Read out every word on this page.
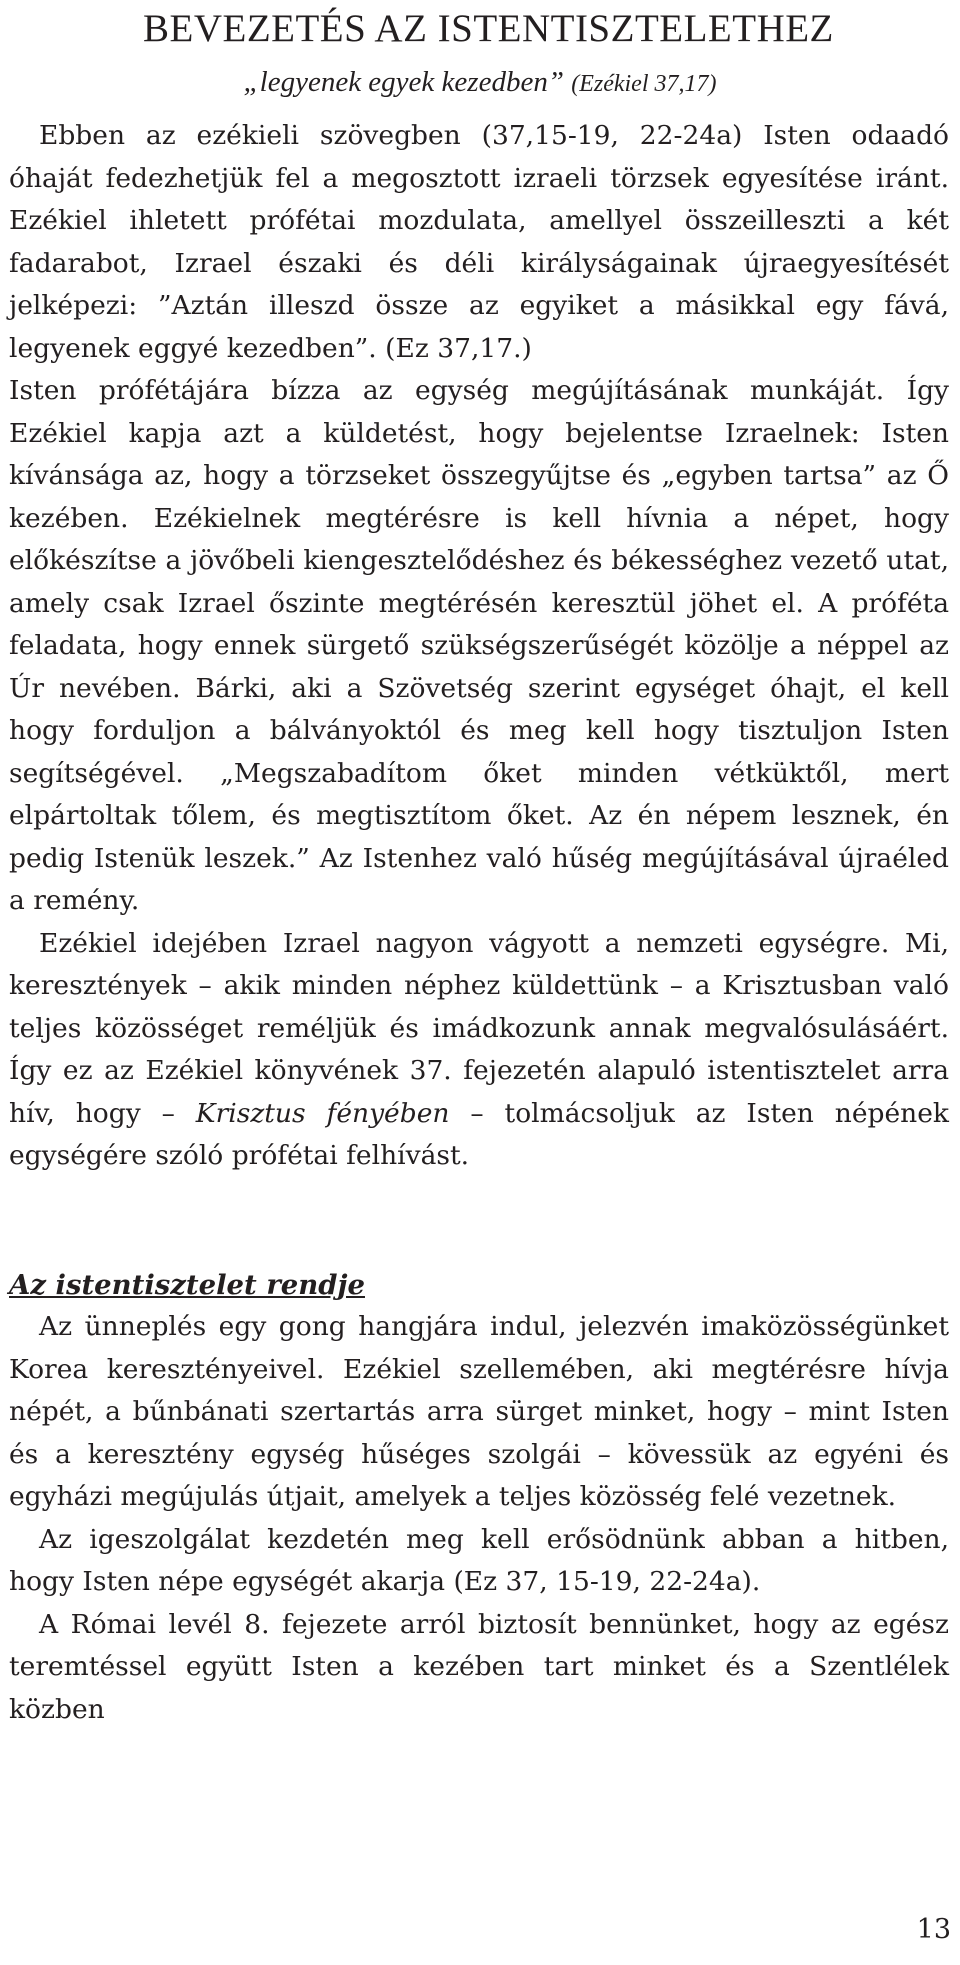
BEVEZETÉS AZ ISTENTISZTELETHEZ
„legyenek egyek kezedben” (Ezékiel 37,17)

Ebben az ezékieli szövegben (37,15-19, 22-24a) Isten odaadó óhaját fedezhetjük fel a megosztott izraeli törzsek egyesítése iránt. Ezékiel ihletett prófétai mozdulata, amellyel összeilleszti a két fadarabot, Izrael északi és déli királyságainak újraegyesítését jelképezi: ”Aztán illeszd össze az egyiket a másikkal egy fává, legyenek eggyé kezedben”. (Ez 37,17.)

Isten prófétájára bízza az egység megújításának munkáját. Így Ezékiel kapja azt a küldetést, hogy bejelentse Izraelnek: Isten kívánsága az, hogy a törzseket összegyűjtse és „egyben tartsa” az Ő kezében. Ezékielnek megtérésre is kell hívnia a népet, hogy előkészítse a jövőbeli kiengesztelődéshez és békességhez vezető utat, amely csak Izrael őszinte megtérésén keresztül jöhet el. A próféta feladata, hogy ennek sürgető szükségszerűségét közölje a néppel az Úr nevében. Bárki, aki a Szövetség szerint egységet óhajt, el kell hogy forduljon a bálványoktól és meg kell hogy tisztuljon Isten segítségével. „Megszabadítom őket minden vétküktől, mert elpártoltak tőlem, és megtisztítom őket. Az én népem lesznek, én pedig Istenük leszek.” Az Istenhez való hűség megújításával újraéled a remény.

Ezékiel idejében Izrael nagyon vágyott a nemzeti egységre. Mi, keresztények – akik minden néphez küldettünk – a Krisztusban való teljes közösséget reméljük és imádkozunk annak megvalósulásáért. Így ez az Ezékiel könyvének 37. fejezetén alapuló istentisztelet arra hív, hogy – Krisztus fényében – tolmácsoljuk az Isten népének egységére szóló prófétai felhívást.

Az istentisztelet rendje

Az ünneplés egy gong hangjára indul, jelezvén imaközösségünket Korea keresztényeivel. Ezékiel szellemében, aki megtérésre hívja népét, a bűnbánati szertartás arra sürget minket, hogy – mint Isten és a keresztény egység hűséges szolgái – kövessük az egyéni és egyházi megújulás útjait, amelyek a teljes közösség felé vezetnek.

Az igeszolgálat kezdetén meg kell erősödnünk abban a hitben, hogy Isten népe egységét akarja (Ez 37, 15-19, 22-24a).

A Római levél 8. fejezete arról biztosít bennünket, hogy az egész teremtéssel együtt Isten a kezében tart minket és a Szentlélek közben

13
